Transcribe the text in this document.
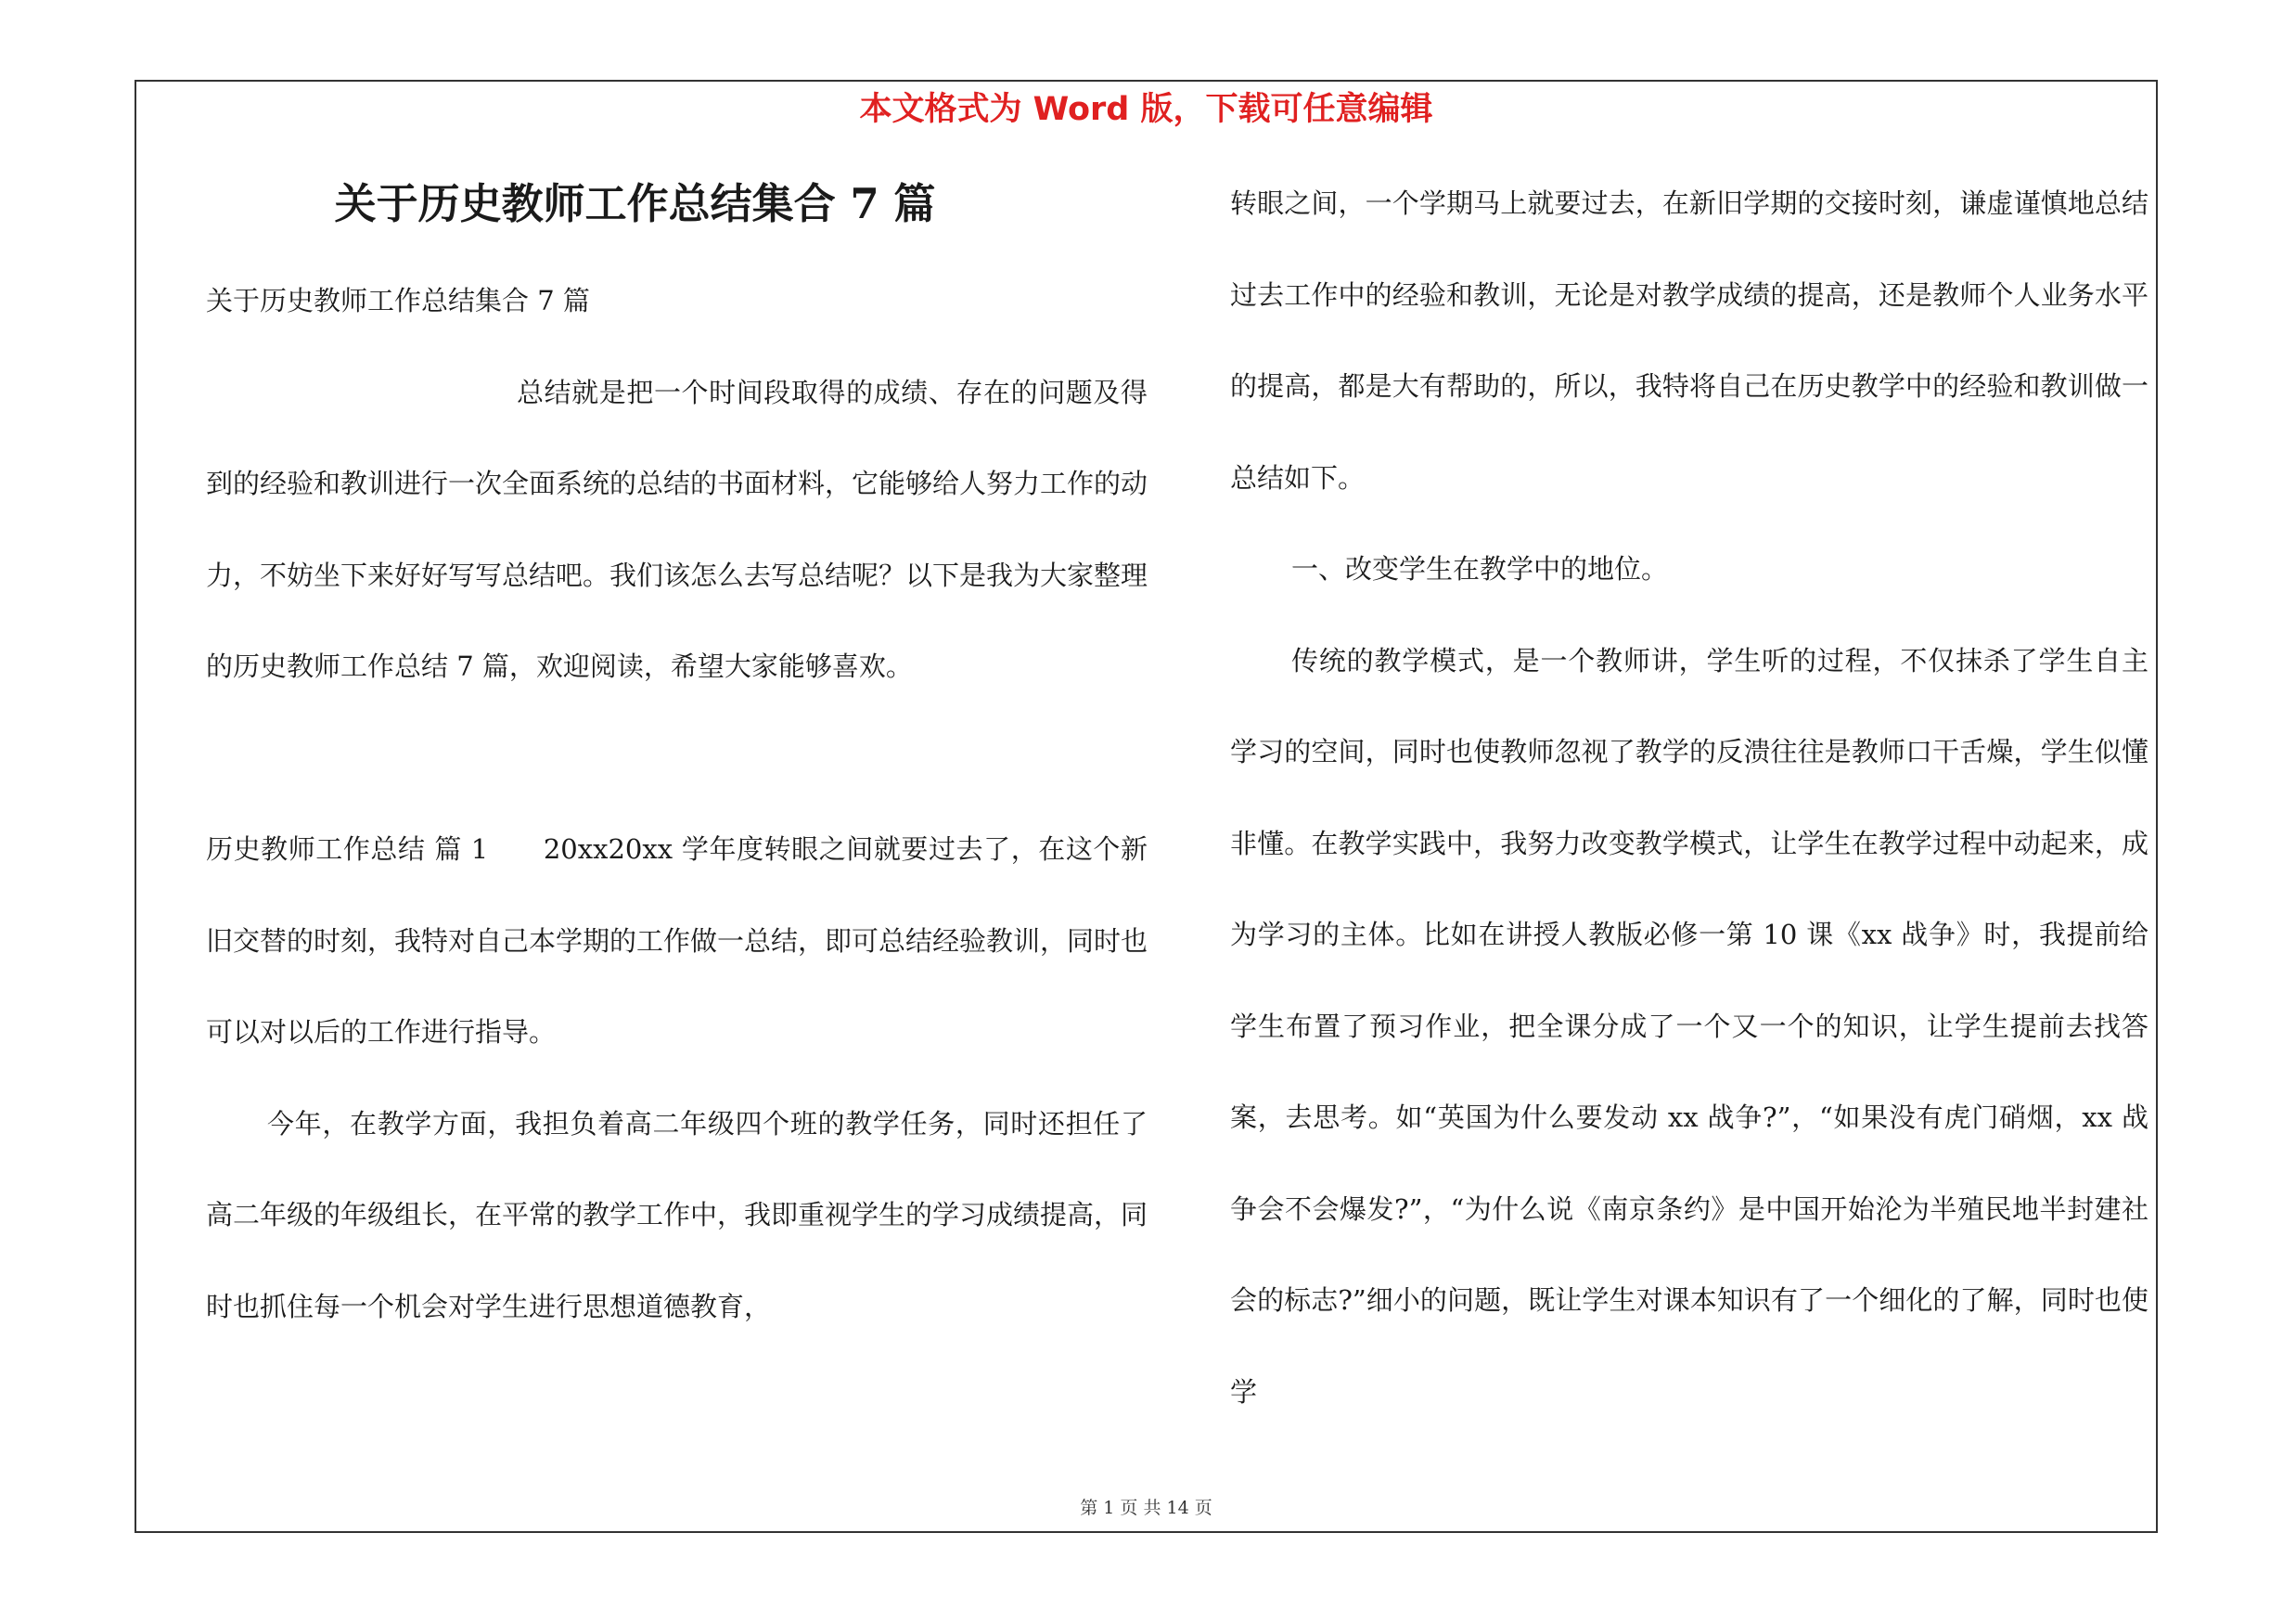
本文格式为 Word 版，下载可任意编辑
关于历史教师工作总结集合 7 篇

关于历史教师工作总结集合 7 篇

总结就是把一个时间段取得的成绩、存在的问题及得到的经验和教训进行一次全面系统的总结的书面材料，它能够给人努力工作的动力，不妨坐下来好好写写总结吧。我们该怎么去写总结呢？以下是我为大家整理的历史教师工作总结 7 篇，欢迎阅读，希望大家能够喜欢。

历史教师工作总结 篇 1　　20xx20xx 学年度转眼之间就要过去了，在这个新旧交替的时刻，我特对自己本学期的工作做一总结，即可总结经验教训，同时也可以对以后的工作进行指导。

今年，在教学方面，我担负着高二年级四个班的教学任务，同时还担任了高二年级的年级组长，在平常的教学工作中，我即重视学生的学习成绩提高，同时也抓住每一个机会对学生进行思想道德教育，

转眼之间，一个学期马上就要过去，在新旧学期的交接时刻，谦虚谨慎地总结过去工作中的经验和教训，无论是对教学成绩的提高，还是教师个人业务水平的提高，都是大有帮助的，所以，我特将自己在历史教学中的经验和教训做一总结如下。

一、改变学生在教学中的地位。

传统的教学模式，是一个教师讲，学生听的过程，不仅抹杀了学生自主学习的空间，同时也使教师忽视了教学的反溃往往是教师口干舌燥，学生似懂非懂。在教学实践中，我努力改变教学模式，让学生在教学过程中动起来，成为学习的主体。比如在讲授人教版必修一第 10 课《xx 战争》时，我提前给学生布置了预习作业，把全课分成了一个又一个的知识，让学生提前去找答案，去思考。如“英国为什么要发动 xx 战争?”，“如果没有虎门硝烟，xx 战争会不会爆发?”，“为什么说《南京条约》是中国开始沦为半殖民地半封建社会的标志?”细小的问题，既让学生对课本知识有了一个细化的了解，同时也使学

第 1 页 共 14 页
